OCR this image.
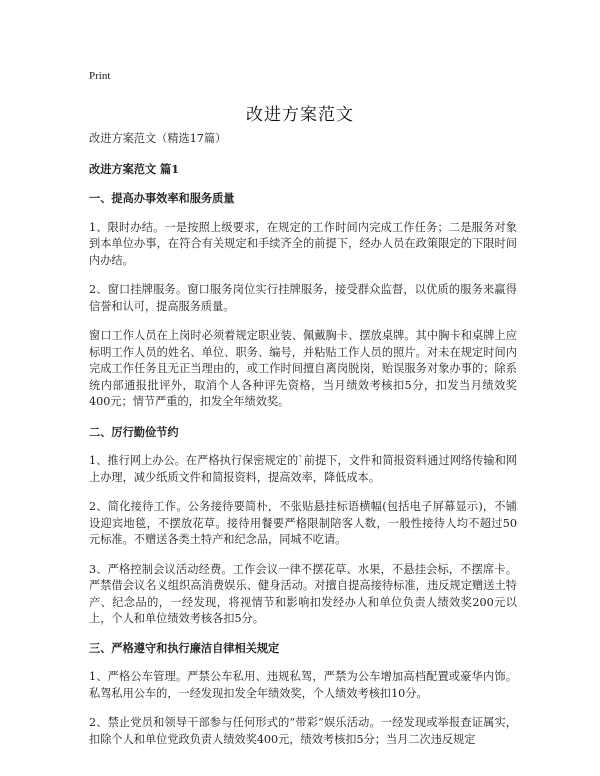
Print
改进方案范文

改进方案范文（精选17篇）

改进方案范文 篇1

一、提高办事效率和服务质量

1、限时办结。一是按照上级要求，在规定的工作时间内完成工作任务；二是服务对象到本单位办事，在符合有关规定和手续齐全的前提下，经办人员在政策限定的下限时间内办结。

2、窗口挂牌服务。窗口服务岗位实行挂牌服务，接受群众监督，以优质的服务来赢得信誉和认可，提高服务质量。

窗口工作人员在上岗时必须着规定职业装、佩戴胸卡、摆放桌牌。其中胸卡和桌牌上应标明工作人员的姓名、单位、职务、编号，并粘贴工作人员的照片。对未在规定时间内完成工作任务且无正当理由的，或工作时间擅自离岗脱岗，贻误服务对象办事的；除系统内部通报批评外，取消个人各种评先资格，当月绩效考核扣5分，扣发当月绩效奖400元；情节严重的，扣发全年绩效奖。

二、厉行勤俭节约

1、推行网上办公。在严格执行保密规定的`前提下，文件和简报资料通过网络传输和网上办理，减少纸质文件和简报资料，提高效率，降低成本。

2、简化接待工作。公务接待要简朴，不张贴悬挂标语横幅(包括电子屏幕显示)，不铺设迎宾地毯，不摆放花草。接待用餐要严格限制陪客人数，一般性接待人均不超过50元标准。不赠送各类土特产和纪念品，同城不吃请。

3、严格控制会议活动经费。工作会议一律不摆花草、水果，不悬挂会标，不摆席卡。严禁借会议名义组织高消费娱乐、健身活动。对擅自提高接待标准，违反规定赠送土特产、纪念品的，一经发现，将视情节和影响扣发经办人和单位负责人绩效奖200元以上，个人和单位绩效考核各扣5分。

三、严格遵守和执行廉洁自律相关规定

1、严格公车管理。严禁公车私用、违规私驾，严禁为公车增加高档配置或豪华内饰。私驾私用公车的，一经发现扣发全年绩效奖，个人绩效考核扣10分。

2、禁止党员和领导干部参与任何形式的“带彩”娱乐活动。一经发现或举报查证属实，扣除个人和单位党政负责人绩效奖400元，绩效考核扣5分；当月二次违反规定
